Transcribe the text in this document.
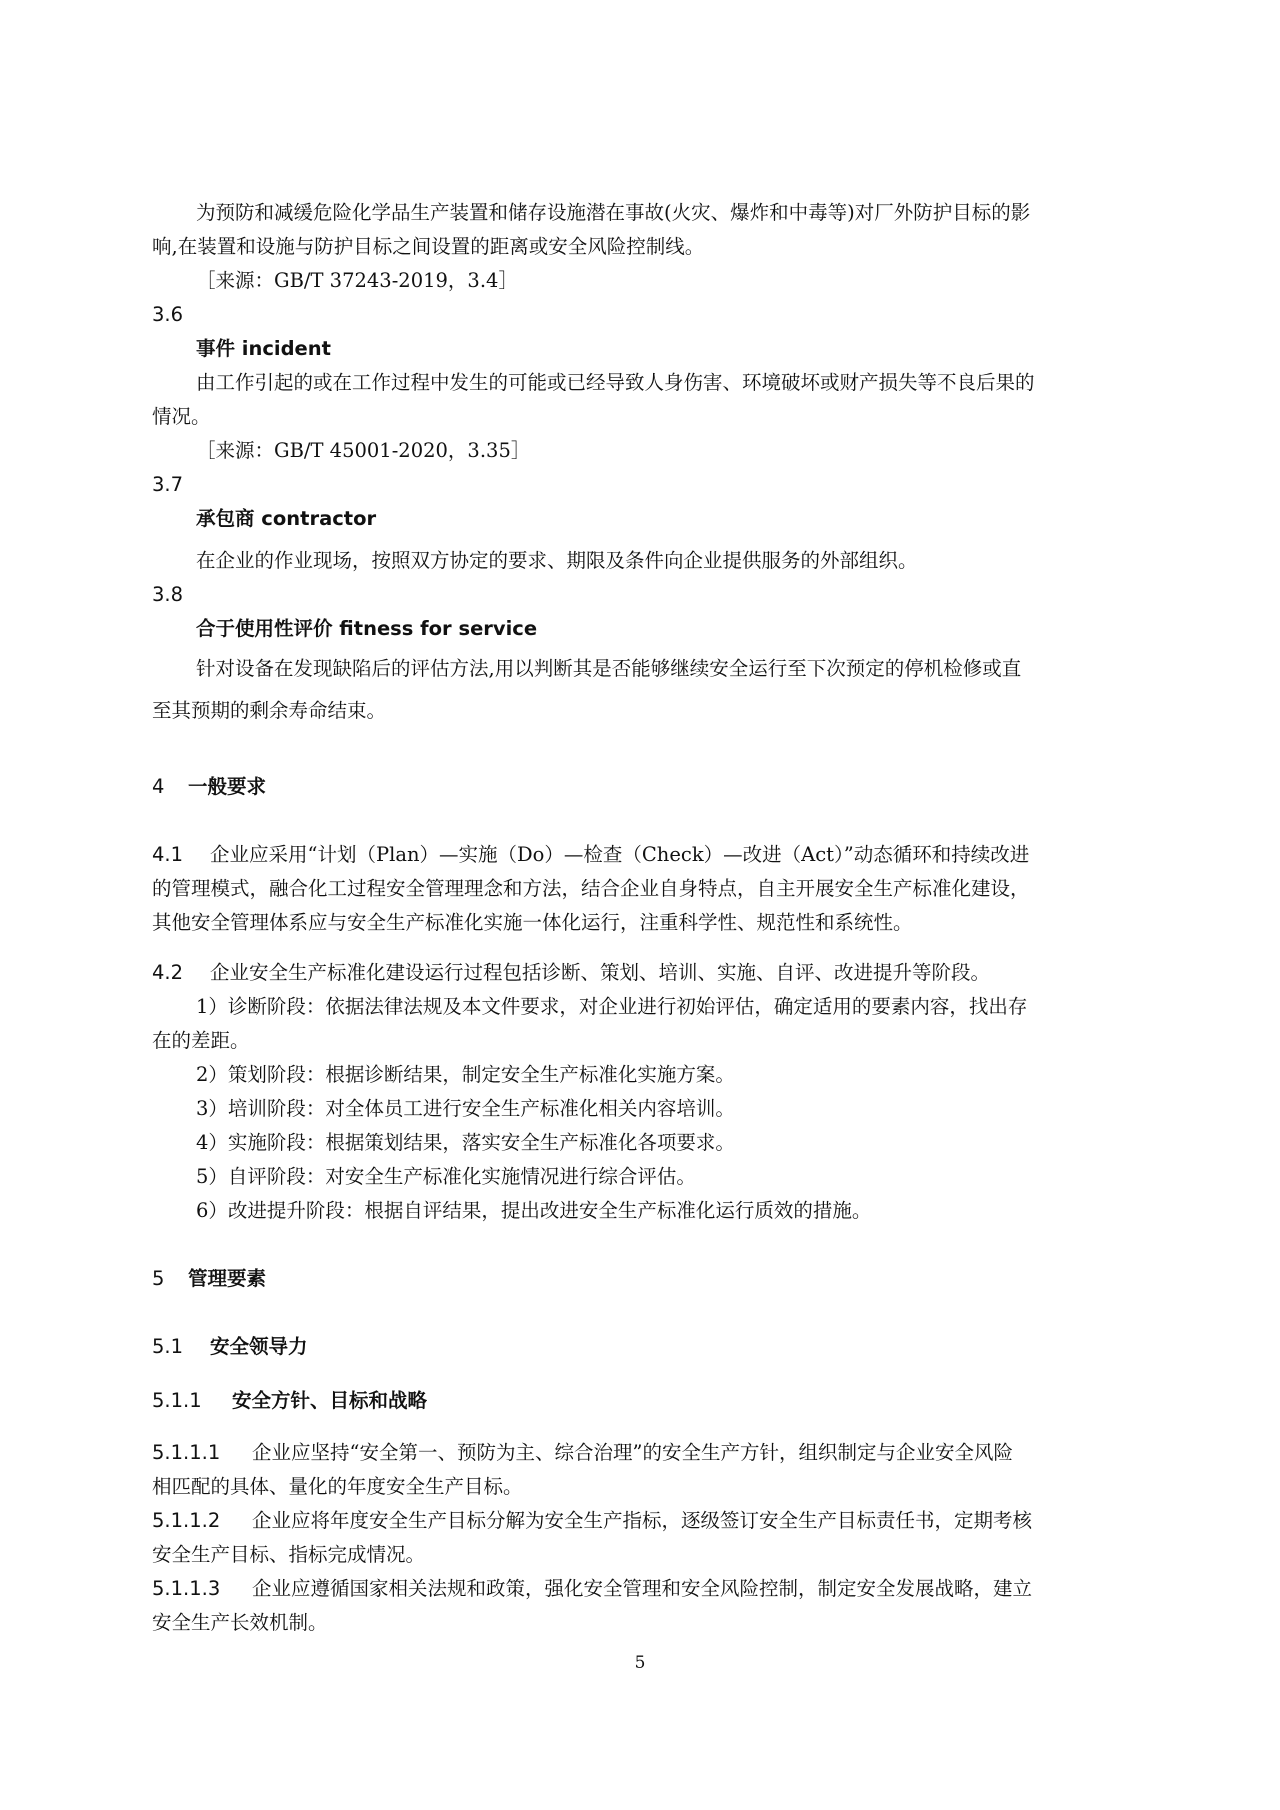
为预防和减缓危险化学品生产装置和储存设施潜在事故(火灾、爆炸和中毒等)对厂外防护目标的影
响,在装置和设施与防护目标之间设置的距离或安全风险控制线。
［来源：GB/T 37243-2019，3.4］
3.6
事件 incident
由工作引起的或在工作过程中发生的可能或已经导致人身伤害、环境破坏或财产损失等不良后果的
情况。
［来源：GB/T 45001-2020，3.35］
3.7
承包商 contractor
在企业的作业现场，按照双方协定的要求、期限及条件向企业提供服务的外部组织。
3.8
合于使用性评价 fitness for service
针对设备在发现缺陷后的评估方法,用以判断其是否能够继续安全运行至下次预定的停机检修或直
至其预期的剩余寿命结束。
4 一般要求
4.1 企业应采用“计划（Plan）—实施（Do）—检查（Check）—改进（Act）”动态循环和持续改进
的管理模式，融合化工过程安全管理理念和方法，结合企业自身特点，自主开展安全生产标准化建设，
其他安全管理体系应与安全生产标准化实施一体化运行，注重科学性、规范性和系统性。
4.2 企业安全生产标准化建设运行过程包括诊断、策划、培训、实施、自评、改进提升等阶段。
1）诊断阶段：依据法律法规及本文件要求，对企业进行初始评估，确定适用的要素内容，找出存
在的差距。
2）策划阶段：根据诊断结果，制定安全生产标准化实施方案。
3）培训阶段：对全体员工进行安全生产标准化相关内容培训。
4）实施阶段：根据策划结果，落实安全生产标准化各项要求。
5）自评阶段：对安全生产标准化实施情况进行综合评估。
6）改进提升阶段：根据自评结果，提出改进安全生产标准化运行质效的措施。
5 管理要素
5.1 安全领导力
5.1.1 安全方针、目标和战略
5.1.1.1 企业应坚持“安全第一、预防为主、综合治理”的安全生产方针，组织制定与企业安全风险
相匹配的具体、量化的年度安全生产目标。
5.1.1.2 企业应将年度安全生产目标分解为安全生产指标，逐级签订安全生产目标责任书，定期考核
安全生产目标、指标完成情况。
5.1.1.3 企业应遵循国家相关法规和政策，强化安全管理和安全风险控制，制定安全发展战略，建立
安全生产长效机制。
5
